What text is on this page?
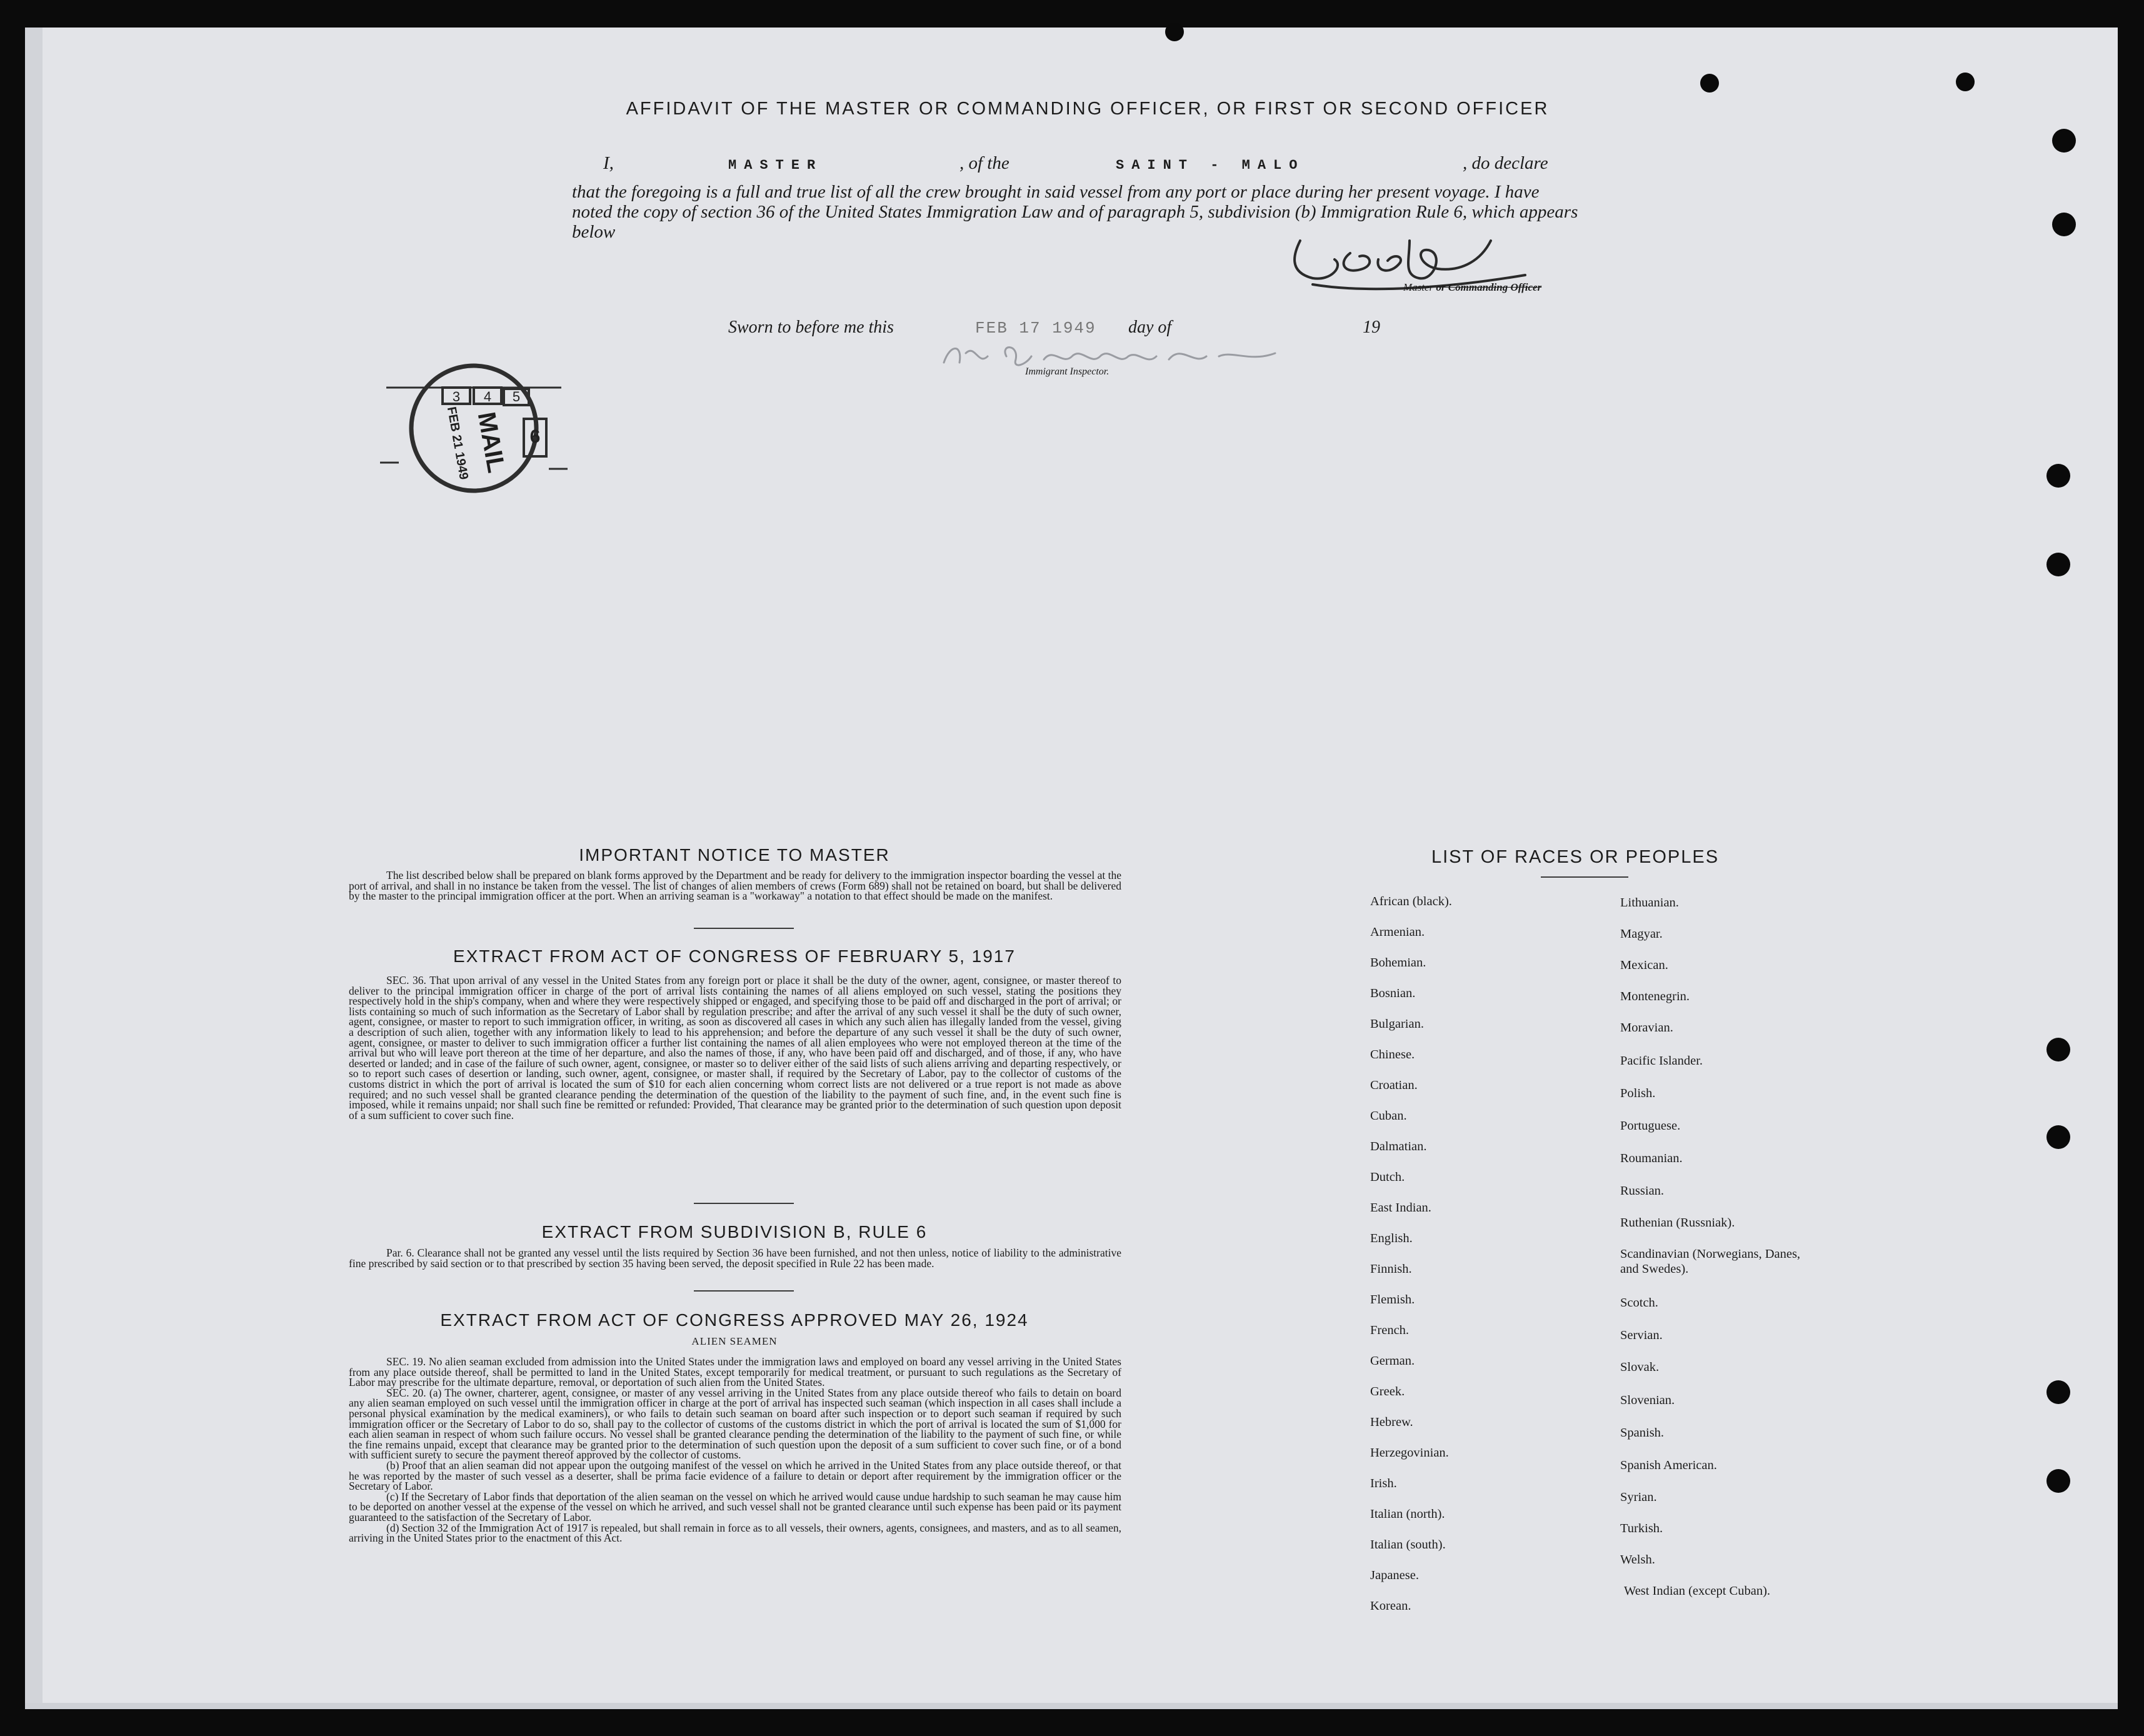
AFFIDAVIT OF THE MASTER OR COMMANDING OFFICER, OR FIRST OR SECOND OFFICER
I,	MASTER	, of the	SAINT - MALO	, do declare
that the foregoing is a full and true list of all the crew brought in said vessel from any port or place during her present voyage. I have noted the copy of section 36 of the United States Immigration Law and of paragraph 5, subdivision (b) Immigration Rule 6, which appears below
Master or Commanding Officer
Sworn to before me this	FEB 17 1949 day of	19
Immigrant Inspector.
3 4 5
6
MAIL
FEB 21 1949
IMPORTANT NOTICE TO MASTER

The list described below shall be prepared on blank forms approved by the Department and be ready for delivery to the immigration inspector boarding the vessel at the port of arrival, and shall in no instance be taken from the vessel. The list of changes of alien members of crews (Form 689) shall not be retained on board, but shall be delivered by the master to the principal immigration officer at the port. When an arriving seaman is a "workaway" a notation to that effect should be made on the manifest.

EXTRACT FROM ACT OF CONGRESS OF FEBRUARY 5, 1917

SEC. 36. That upon arrival of any vessel in the United States from any foreign port or place it shall be the duty of the owner, agent, consignee, or master thereof to deliver to the principal immigration officer in charge of the port of arrival lists containing the names of all aliens employed on such vessel, stating the positions they respectively hold in the ship's company, when and where they were respectively shipped or engaged, and specifying those to be paid off and discharged in the port of arrival; or lists containing so much of such information as the Secretary of Labor shall by regulation prescribe; and after the arrival of any such vessel it shall be the duty of such owner, agent, consignee, or master to report to such immigration officer, in writing, as soon as discovered all cases in which any such alien has illegally landed from the vessel, giving a description of such alien, together with any information likely to lead to his apprehension; and before the departure of any such vessel it shall be the duty of such owner, agent, consignee, or master to deliver to such immigration officer a further list containing the names of all alien employees who were not employed thereon at the time of the arrival but who will leave port thereon at the time of her departure, and also the names of those, if any, who have been paid off and discharged, and of those, if any, who have deserted or landed; and in case of the failure of such owner, agent, consignee, or master so to deliver either of the said lists of such aliens arriving and departing respectively, or so to report such cases of desertion or landing, such owner, agent, consignee, or master shall, if required by the Secretary of Labor, pay to the collector of customs of the customs district in which the port of arrival is located the sum of $10 for each alien concerning whom correct lists are not delivered or a true report is not made as above required; and no such vessel shall be granted clearance pending the determination of the question of the liability to the payment of such fine, and, in the event such fine is imposed, while it remains unpaid; nor shall such fine be remitted or refunded: Provided, That clearance may be granted prior to the determination of such question upon deposit of a sum sufficient to cover such fine.

EXTRACT FROM SUBDIVISION B, RULE 6

Par. 6. Clearance shall not be granted any vessel until the lists required by Section 36 have been furnished, and not then unless, notice of liability to the administrative fine prescribed by said section or to that prescribed by section 35 having been served, the deposit specified in Rule 22 has been made.

EXTRACT FROM ACT OF CONGRESS APPROVED MAY 26, 1924
ALIEN SEAMEN

SEC. 19. No alien seaman excluded from admission into the United States under the immigration laws and employed on board any vessel arriving in the United States from any place outside thereof, shall be permitted to land in the United States, except temporarily for medical treatment, or pursuant to such regulations as the Secretary of Labor may prescribe for the ultimate departure, removal, or deportation of such alien from the United States.

SEC. 20. (a) The owner, charterer, agent, consignee, or master of any vessel arriving in the United States from any place outside thereof who fails to detain on board any alien seaman employed on such vessel until the immigration officer in charge at the port of arrival has inspected such seaman (which inspection in all cases shall include a personal physical examination by the medical examiners), or who fails to detain such seaman on board after such inspection or to deport such seaman if required by such immigration officer or the Secretary of Labor to do so, shall pay to the collector of customs of the customs district in which the port of arrival is located the sum of $1,000 for each alien seaman in respect of whom such failure occurs. No vessel shall be granted clearance pending the determination of the liability to the payment of such fine, or while the fine remains unpaid, except that clearance may be granted prior to the determination of such question upon the deposit of a sum sufficient to cover such fine, or of a bond with sufficient surety to secure the payment thereof approved by the collector of customs.

(b) Proof that an alien seaman did not appear upon the outgoing manifest of the vessel on which he arrived in the United States from any place outside thereof, or that he was reported by the master of such vessel as a deserter, shall be prima facie evidence of a failure to detain or deport after requirement by the immigration officer or the Secretary of Labor.

(c) If the Secretary of Labor finds that deportation of the alien seaman on the vessel on which he arrived would cause undue hardship to such seaman he may cause him to be deported on another vessel at the expense of the vessel on which he arrived, and such vessel shall not be granted clearance until such expense has been paid or its payment guaranteed to the satisfaction of the Secretary of Labor.

(d) Section 32 of the Immigration Act of 1917 is repealed, but shall remain in force as to all vessels, their owners, agents, consignees, and masters, and as to all seamen, arriving in the United States prior to the enactment of this Act.

LIST OF RACES OR PEOPLES
African (black).
Armenian.
Bohemian.
Bosnian.
Bulgarian.
Chinese.
Croatian.
Cuban.
Dalmatian.
Dutch.
East Indian.
English.
Finnish.
Flemish.
French.
German.
Greek.
Hebrew.
Herzegovinian.
Irish.
Italian (north).
Italian (south).
Japanese.
Korean.
Lithuanian.
Magyar.
Mexican.
Montenegrin.
Moravian.
Pacific Islander.
Polish.
Portuguese.
Roumanian.
Russian.
Ruthenian (Russniak).
Scandinavian (Norwegians, Danes, and Swedes).
Scotch.
Servian.
Slovak.
Slovenian.
Spanish.
Spanish American.
Syrian.
Turkish.
Welsh.
West Indian (except Cuban).
